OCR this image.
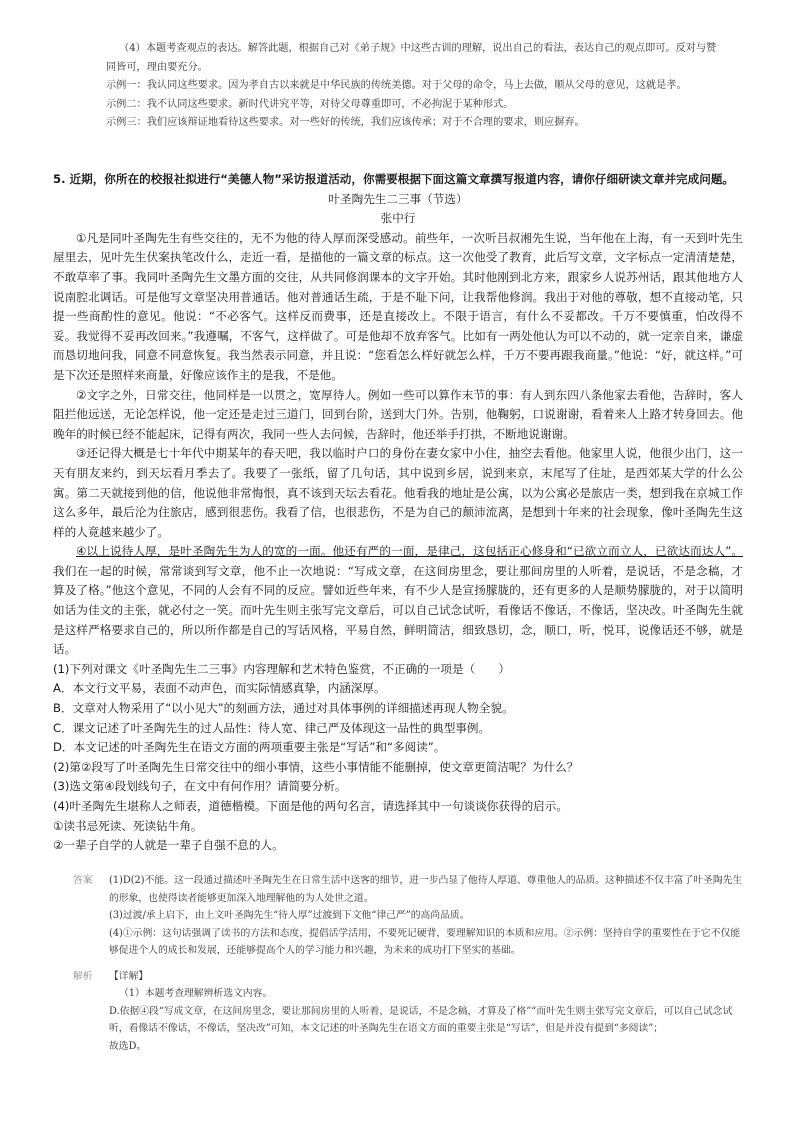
（4）本题考查观点的表达。解答此题，根据自己对《弟子规》中这些古训的理解，说出自己的看法，表达自己的观点即可。反对与赞

同皆可，理由要充分。

示例一：我认同这些要求。因为孝自古以来就是中华民族的传统美德。对于父母的命令，马上去做，顺从父母的意见，这就是孝。

示例二：我不认同这些要求。新时代讲究平等，对待父母尊重即可，不必拘泥于某种形式。

示例三：我们应该辩证地看待这些要求。对一些好的传统，我们应该传承；对于不合理的要求，则应摒弃。

5. 近期，你所在的校报社拟进行“美德人物”采访报道活动，你需要根据下面这篇文章撰写报道内容，请你仔细研读文章并完成问题。

叶圣陶先生二三事（节选）

张中行

①凡是同叶圣陶先生有些交往的，无不为他的待人厚而深受感动。前些年，一次听吕叔湘先生说，当年他在上海，有一天到叶先生屋里去，见叶先生伏案执笔改什么，走近一看，是描他的一篇文章的标点。这一次他受了教育，此后写文章，文字标点一定清清楚楚，不敢草率了事。我同叶圣陶先生文墨方面的交往，从共同修润课本的文字开始。其时他刚到北方来，跟家乡人说苏州话，跟其他地方人说南腔北调话。可是他写文章坚决用普通话。他对普通话生疏，于是不耻下问，让我帮他修润。我出于对他的尊敬，想不直接动笔，只提一些商酌性的意见。他说：“不必客气。这样反而费事，还是直接改上。不限于语言，有什么不妥都改。千万不要慎重，怕改得不妥。我觉得不妥再改回来。”我遵嘱，不客气，这样做了。可是他却不放弃客气。比如有一两处他认为可以不动的，就一定亲自来，谦虚而恳切地问我，同意不同意恢复。我当然表示同意，并且说：“您看怎么样好就怎么样，千万不要再跟我商量。”他说：“好，就这样。”可是下次还是照样来商量，好像应该作主的是我，不是他。

②文字之外，日常交往，他同样是一以贯之，宽厚待人。例如一些可以算作末节的事：有人到东四八条他家去看他，告辞时，客人阻拦他远送，无论怎样说，他一定还是走过三道门，回到台阶，送到大门外。告别，他鞠躬，口说谢谢，看着来人上路才转身回去。他晚年的时候已经不能起床，记得有两次，我同一些人去问候，告辞时，他还举手打拱，不断地说谢谢。

③还记得大概是七十年代中期某年的春天吧，我以临时户口的身份在妻女家中小住，抽空去看他。他家里人说，他很少出门，这一天有朋友来约，到天坛看月季去了。我要了一张纸，留了几句话，其中说到乡居，说到来京，末尾写了住址，是西郊某大学的什么公寓。第二天就接到他的信，他说他非常悔恨，真不该到天坛去看花。他看我的地址是公寓，以为公寓必是旅店一类，想到我在京城工作这么多年，最后沦为住旅店，感到很悲伤。我看了信，也很悲伤，不是为自己的颠沛流离，是想到十年来的社会现象，像叶圣陶先生这样的人竟越来越少了。

④以上说待人厚，是叶圣陶先生为人的宽的一面。他还有严的一面，是律己，这包括正心修身和“已欲立而立人，已欲达而达人”。我们在一起的时候，常常谈到写文章，他不止一次地说：“写成文章，在这间房里念，要让那间房里的人听着，是说话，不是念稿，才算及了格。”他这个意见，不同的人会有不同的反应。譬如近些年来，有不少人是宣扬朦胧的，还有更多的人是顺势朦胧的，对于以简明如话为佳文的主张，就必付之一笑。而叶先生则主张写完文章后，可以自己试念试听，看像话不像话，不像话，坚决改。叶圣陶先生就是这样严格要求自己的，所以所作都是自己的写话风格，平易自然，鲜明简洁，细致恳切，念，顺口，听，悦耳，说像话还不够，就是话。

(1)下列对课文《叶圣陶先生二三事》内容理解和艺术特色鉴赏，不正确的一项是（　　）

A．本文行文平易，表面不动声色，而实际情感真挚，内涵深厚。

B．文章对人物采用了“以小见大”的刻画方法，通过对具体事例的详细描述再现人物全貌。

C．课文记述了叶圣陶先生的过人品性：待人宽、律己严及体现这一品性的典型事例。

D．本文记述的叶圣陶先生在语文方面的两项重要主张是“写话”和“多阅读”。

(2)第②段写了叶圣陶先生日常交往中的细小事情，这些小事情能不能删掉，使文章更简洁呢？为什么？

(3)选文第④段划线句子，在文中有何作用？请简要分析。

(4)叶圣陶先生堪称人之师表，道德楷模。下面是他的两句名言，请选择其中一句谈谈你获得的启示。

①读书忌死读、死读钻牛角。

②一辈子自学的人就是一辈子自强不息的人。

答案	(1)D(2)不能。这一段通过描述叶圣陶先生在日常生活中送客的细节，进一步凸显了他待人厚道、尊重他人的品质。这种描述不仅丰富了叶圣陶先生的形象，也使得读者能够更加深入地理解他的为人处世之道。

(3)过渡/承上启下，由上文叶圣陶先生“待人厚”过渡到下文他“律己严”的高尚品质。

(4)①示例：这句话强调了读书的方法和态度，提倡活学活用，不要死记硬背，要理解知识的本质和应用。②示例：坚持自学的重要性在于它不仅能够促进个人的成长和发展，还能够提高个人的学习能力和兴趣，为未来的成功打下坚实的基础。

解析	【详解】

（1）本题考查理解辨析选文内容。

D.依据④段“写成文章，在这间房里念，要让那间房里的人听着，是说话，不是念稿，才算及了格”“而叶先生则主张写完文章后，可以自己试念试听，看像话不像话，不像话，坚决改”可知，本文记述的叶圣陶先生在语文方面的重要主张是“写话”，但是并没有提到“多阅读”；

故选D。
